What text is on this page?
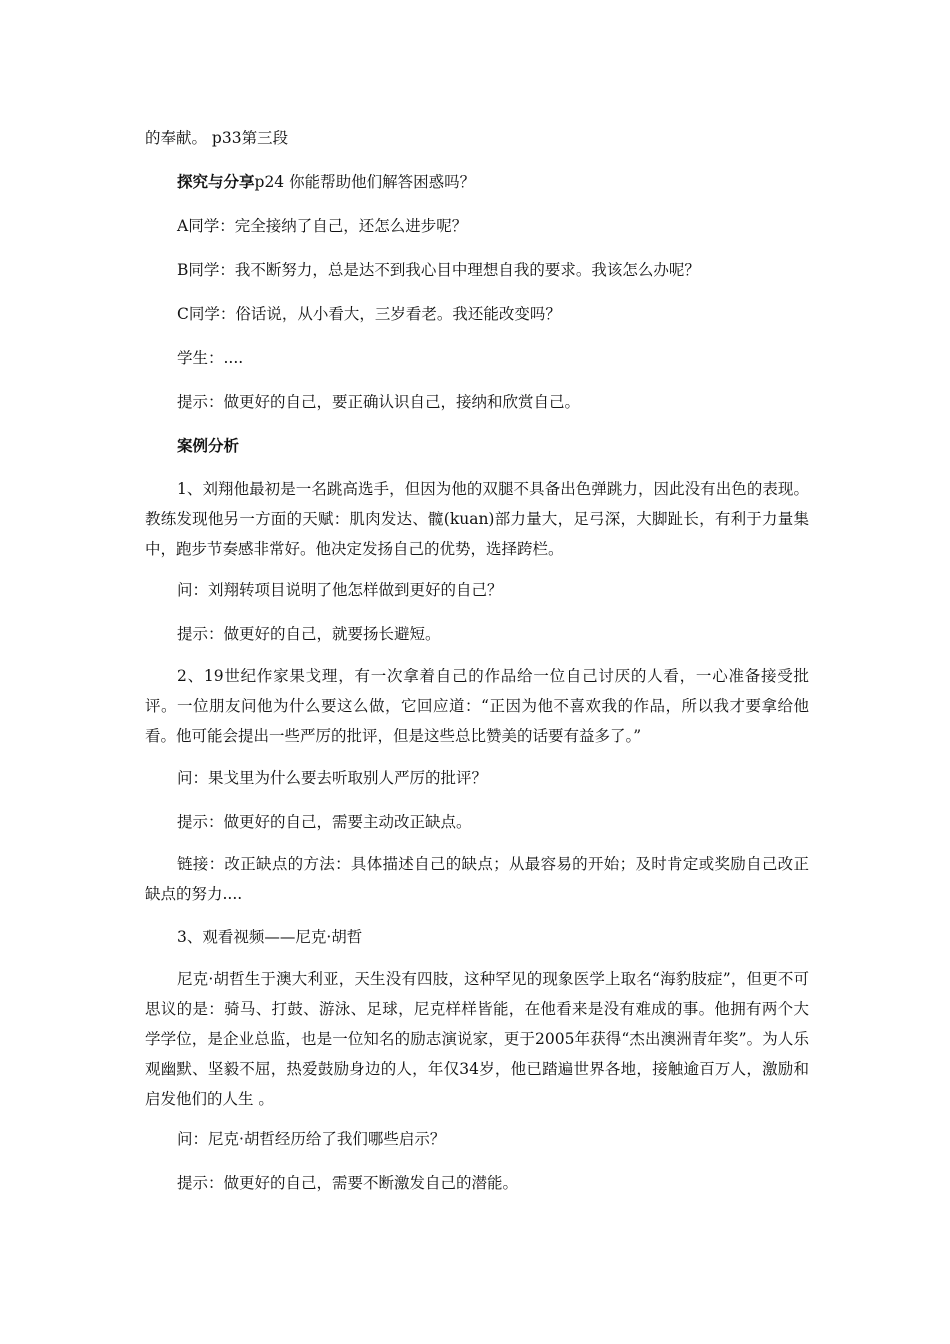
的奉献。 p33第三段
探究与分享p24 你能帮助他们解答困惑吗？
A同学：完全接纳了自己，还怎么进步呢？
B同学：我不断努力，总是达不到我心目中理想自我的要求。我该怎么办呢？
C同学：俗话说，从小看大，三岁看老。我还能改变吗？
学生：....
提示：做更好的自己，要正确认识自己，接纳和欣赏自己。
案例分析
1、刘翔他最初是一名跳高选手，但因为他的双腿不具备出色弹跳力，因此没有出色的表现。教练发现他另一方面的天赋：肌肉发达、髋(kuan)部力量大，足弓深，大脚趾长，有利于力量集中，跑步节奏感非常好。他决定发扬自己的优势，选择跨栏。
问：刘翔转项目说明了他怎样做到更好的自己？
提示：做更好的自己，就要扬长避短。
2、19世纪作家果戈理，有一次拿着自己的作品给一位自己讨厌的人看，一心准备接受批评。一位朋友问他为什么要这么做，它回应道：“正因为他不喜欢我的作品，所以我才要拿给他看。他可能会提出一些严厉的批评，但是这些总比赞美的话要有益多了。”
问：果戈里为什么要去听取别人严厉的批评？
提示：做更好的自己，需要主动改正缺点。
链接：改正缺点的方法：具体描述自己的缺点；从最容易的开始；及时肯定或奖励自己改正缺点的努力....
3、观看视频——尼克·胡哲
尼克·胡哲生于澳大利亚，天生没有四肢，这种罕见的现象医学上取名“海豹肢症”，但更不可思议的是：骑马、打鼓、游泳、足球，尼克样样皆能，在他看来是没有难成的事。他拥有两个大学学位，是企业总监，也是一位知名的励志演说家，更于2005年获得“杰出澳洲青年奖”。为人乐观幽默、坚毅不屈，热爱鼓励身边的人，年仅34岁，他已踏遍世界各地，接触逾百万人，激励和启发他们的人生 。
问：尼克·胡哲经历给了我们哪些启示？
提示：做更好的自己，需要不断激发自己的潜能。
